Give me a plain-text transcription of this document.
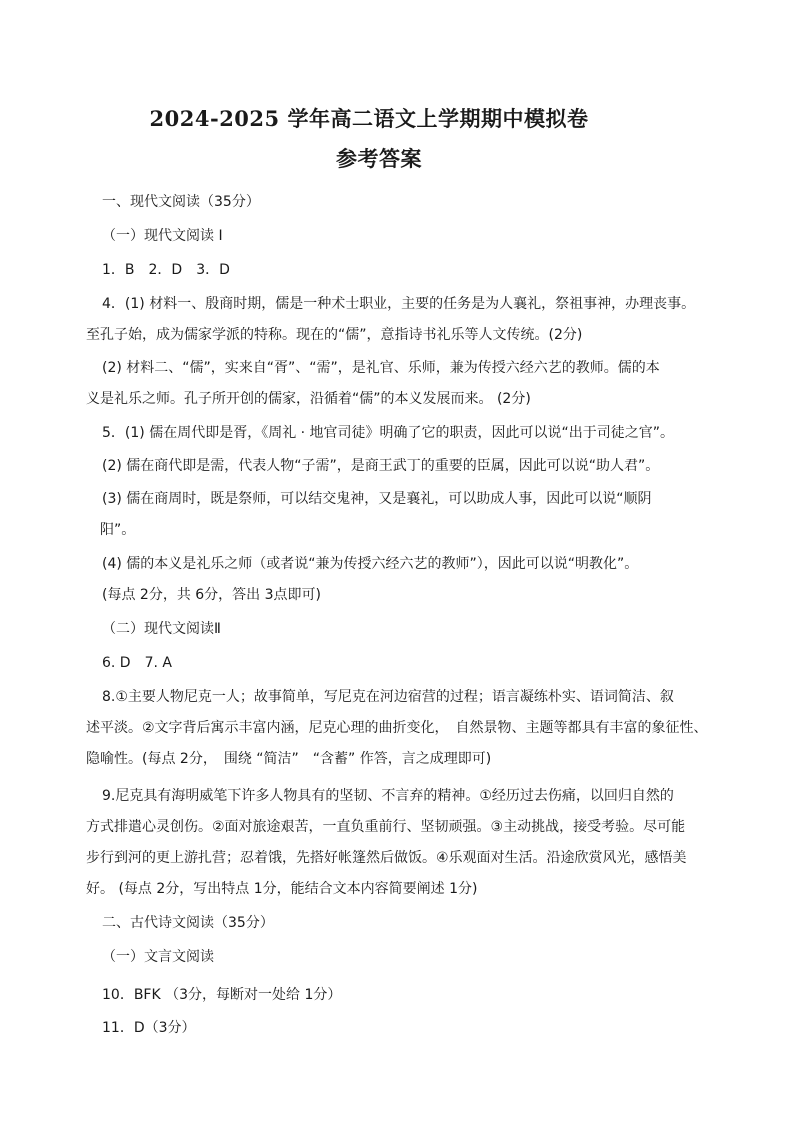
2024-2025 学年高二语文上学期期中模拟卷
参考答案

一、现代文阅读（35分）

（一）现代文阅读 I

1．B　2．D　3．D

4．(1) 材料一、殷商时期，儒是一种术士职业，主要的任务是为人襄礼，祭祖事神，办理丧事。

至孔子始，成为儒家学派的特称。现在的“儒”，意指诗书礼乐等人文传统。(2分)

(2) 材料二、“儒”，实来自“胥”、“需”，是礼官、乐师，兼为传授六经六艺的教师。儒的本

义是礼乐之师。孔子所开创的儒家，沿循着“儒”的本义发展而来。 (2分)

5．(1) 儒在周代即是胥，《周礼 · 地官司徒》明确了它的职责，因此可以说“出于司徒之官”。

(2) 儒在商代即是需，代表人物“子需”，是商王武丁的重要的臣属，因此可以说“助人君”。

(3) 儒在商周时，既是祭师，可以结交鬼神，又是襄礼，可以助成人事，因此可以说“顺阴

阳”。

(4) 儒的本义是礼乐之师（或者说“兼为传授六经六艺的教师”），因此可以说“明教化”。

(每点 2分，共 6分，答出 3点即可)

（二）现代文阅读Ⅱ

6. D　7. A

8.①主要人物尼克一人；故事简单，写尼克在河边宿营的过程；语言凝练朴实、语词简洁、叙

述平淡。②文字背后寓示丰富内涵，尼克心理的曲折变化，　自然景物、主题等都具有丰富的象征性、

隐喻性。(每点 2分，　围绕 “简洁”　“含蓄” 作答，言之成理即可)

9.尼克具有海明威笔下许多人物具有的坚韧、不言弃的精神。①经历过去伤痛，以回归自然的

方式排遣心灵创伤。②面对旅途艰苦，一直负重前行、坚韧顽强。③主动挑战，接受考验。尽可能

步行到河的更上游扎营；忍着饿，先搭好帐篷然后做饭。④乐观面对生活。沿途欣赏风光，感悟美

好。 (每点 2分，写出特点 1分，能结合文本内容简要阐述 1分)

二、古代诗文阅读（35分）

（一）文言文阅读

10．BFK （3分，每断对一处给 1分）

11．D（3分）
